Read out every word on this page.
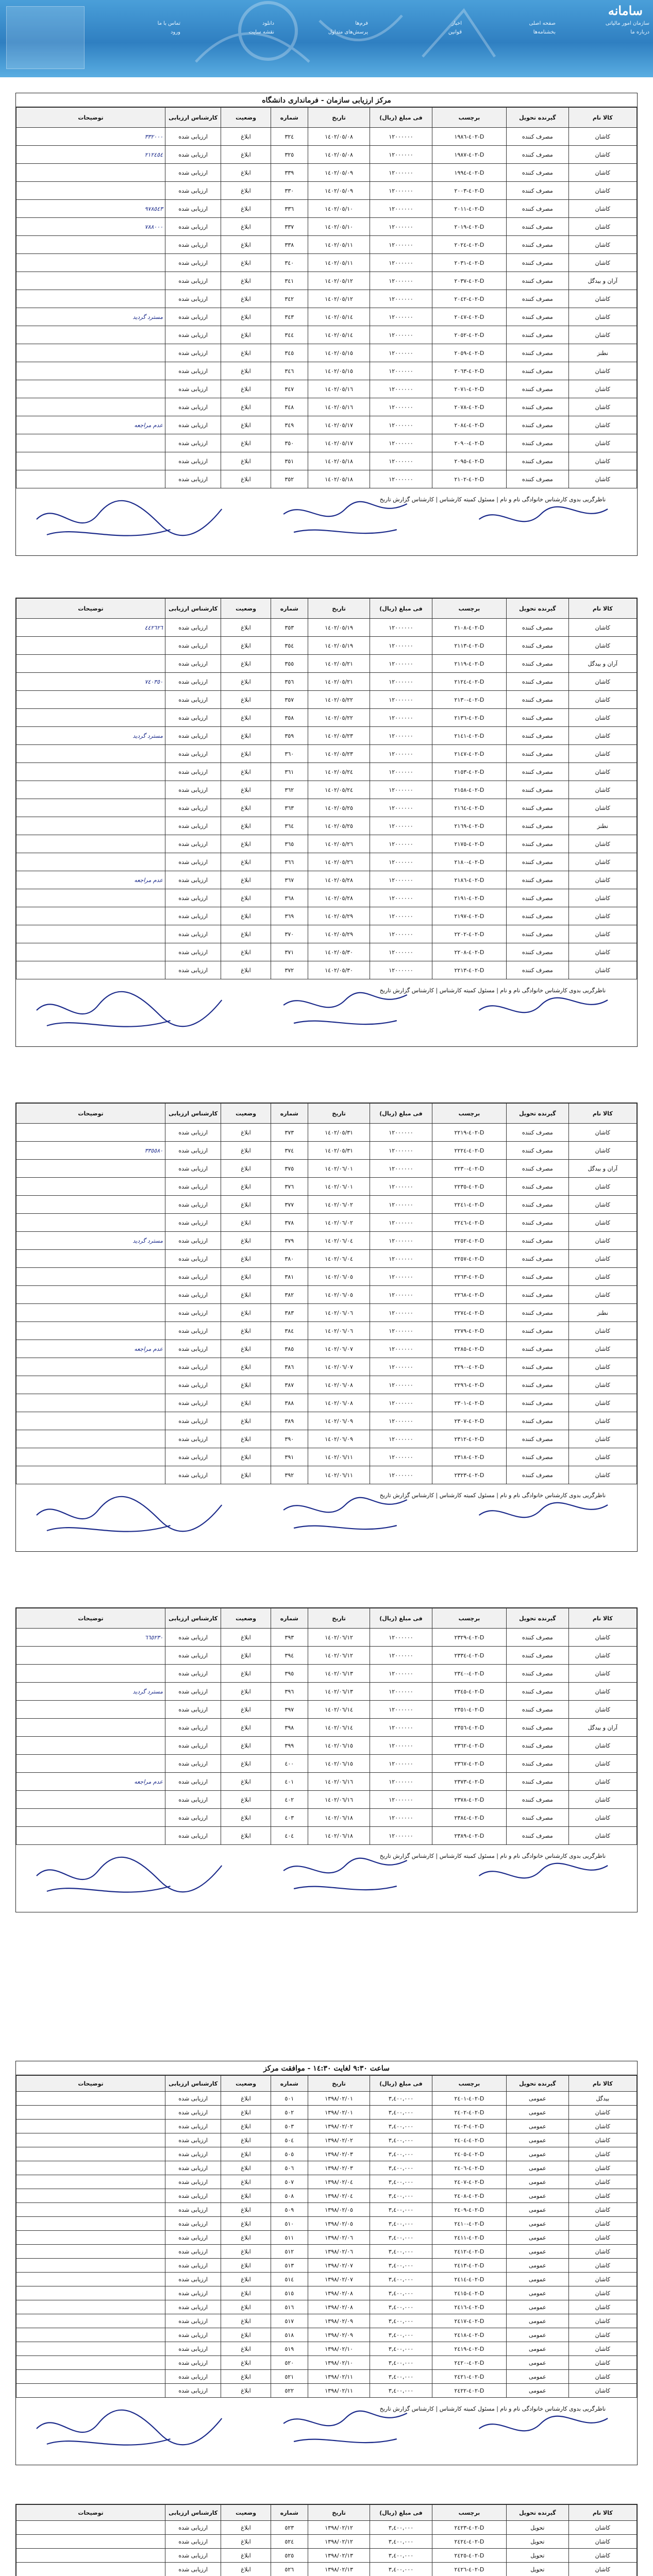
سامانه
سازمان امور مالیاتی
صفحه اصلی
اخبار
فرم‌ها
دانلود
تماس با ما
درباره ما
بخشنامه‌ها
قوانین
پرسش‌های متداول
نقشه سایت
ورود
مرکز ارزیابی سازمان - فرمانداری دانشگاه
کالا نام	گیرنده تحویل	برچسب	فی مبلغ (ریال)	تاریخ	شماره	وضعیت	کارشناس ارزیابی	توضیحات
کاشان	مصرف کننده	D-٤٠٢-١٩٨٦	١٢٠٠٠٠٠٠	١٤٠٢/٠٥/٠٨	٣٢٤	ابلاغ	ارزیابی شده	٣٣٢٠٠٠
کاشان	مصرف کننده	D-٤٠٢-١٩٨٧	١٢٠٠٠٠٠٠	١٤٠٢/٠٥/٠٨	٣٢٥	ابلاغ	ارزیابی شده	٢١٢٤٥٤
کاشان	مصرف کننده	D-٤٠٢-١٩٩٤	١٢٠٠٠٠٠٠	١٤٠٢/٠٥/٠٩	٣٣٩	ابلاغ	ارزیابی شده	
کاشان	مصرف کننده	D-٤٠٢-٢٠٠٣	١٢٠٠٠٠٠٠	١٤٠٢/٠٥/٠٩	٣٣٠	ابلاغ	ارزیابی شده	
کاشان	مصرف کننده	D-٤٠٢-٢٠١١	١٢٠٠٠٠٠٠	١٤٠٢/٠٥/١٠	٣٣٦	ابلاغ	ارزیابی شده	٩٧٨٥٤٣
کاشان	مصرف کننده	D-٤٠٢-٢٠١٩	١٢٠٠٠٠٠٠	١٤٠٢/٠٥/١٠	٣٣٧	ابلاغ	ارزیابی شده	٧٨٨٠٠٠
کاشان	مصرف کننده	D-٤٠٢-٢٠٢٤	١٢٠٠٠٠٠٠	١٤٠٢/٠٥/١١	٣٣٨	ابلاغ	ارزیابی شده	
کاشان	مصرف کننده	D-٤٠٢-٢٠٣١	١٢٠٠٠٠٠٠	١٤٠٢/٠٥/١١	٣٤٠	ابلاغ	ارزیابی شده	
آران و بیدگل	مصرف کننده	D-٤٠٢-٢٠٣٧	١٢٠٠٠٠٠٠	١٤٠٢/٠٥/١٢	٣٤١	ابلاغ	ارزیابی شده	
کاشان	مصرف کننده	D-٤٠٢-٢٠٤٢	١٢٠٠٠٠٠٠	١٤٠٢/٠٥/١٢	٣٤٢	ابلاغ	ارزیابی شده	
کاشان	مصرف کننده	D-٤٠٢-٢٠٤٧	١٢٠٠٠٠٠٠	١٤٠٢/٠٥/١٤	٣٤٣	ابلاغ	ارزیابی شده	مسترد گردید
کاشان	مصرف کننده	D-٤٠٢-٢٠٥٢	١٢٠٠٠٠٠٠	١٤٠٢/٠٥/١٤	٣٤٤	ابلاغ	ارزیابی شده	
نطنز	مصرف کننده	D-٤٠٢-٢٠٥٩	١٢٠٠٠٠٠٠	١٤٠٢/٠٥/١٥	٣٤٥	ابلاغ	ارزیابی شده	
کاشان	مصرف کننده	D-٤٠٢-٢٠٦٣	١٢٠٠٠٠٠٠	١٤٠٢/٠٥/١٥	٣٤٦	ابلاغ	ارزیابی شده	
کاشان	مصرف کننده	D-٤٠٢-٢٠٧١	١٢٠٠٠٠٠٠	١٤٠٢/٠٥/١٦	٣٤٧	ابلاغ	ارزیابی شده	
کاشان	مصرف کننده	D-٤٠٢-٢٠٧٨	١٢٠٠٠٠٠٠	١٤٠٢/٠٥/١٦	٣٤٨	ابلاغ	ارزیابی شده	
کاشان	مصرف کننده	D-٤٠٢-٢٠٨٤	١٢٠٠٠٠٠٠	١٤٠٢/٠٥/١٧	٣٤٩	ابلاغ	ارزیابی شده	عدم مراجعه
کاشان	مصرف کننده	D-٤٠٢-٢٠٩٠	١٢٠٠٠٠٠٠	١٤٠٢/٠٥/١٧	٣٥٠	ابلاغ	ارزیابی شده	
کاشان	مصرف کننده	D-٤٠٢-٢٠٩٥	١٢٠٠٠٠٠٠	١٤٠٢/٠٥/١٨	٣٥١	ابلاغ	ارزیابی شده	
کاشان	مصرف کننده	D-٤٠٢-٢١٠٢	١٢٠٠٠٠٠٠	١٤٠٢/٠٥/١٨	٣٥٢	ابلاغ	ارزیابی شده	
ناظرگریی بدوی کارشناس خانوادگی نام و نام | مسئول کمیته کارشناس | کارشناس گزارش تاریخ
کالا نام	گیرنده تحویل	برچسب	فی مبلغ (ریال)	تاریخ	شماره	وضعیت	کارشناس ارزیابی	توضیحات
کاشان	مصرف کننده	D-٤٠٢-٢١٠٨	١٢٠٠٠٠٠٠	١٤٠٢/٠٥/١٩	٣٥٣	ابلاغ	ارزیابی شده	٤٤٢٦٢٦
کاشان	مصرف کننده	D-٤٠٢-٢١١٣	١٢٠٠٠٠٠٠	١٤٠٢/٠٥/١٩	٣٥٤	ابلاغ	ارزیابی شده	
آران و بیدگل	مصرف کننده	D-٤٠٢-٢١١٩	١٢٠٠٠٠٠٠	١٤٠٢/٠٥/٢١	٣٥٥	ابلاغ	ارزیابی شده	
کاشان	مصرف کننده	D-٤٠٢-٢١٢٤	١٢٠٠٠٠٠٠	١٤٠٢/٠٥/٢١	٣٥٦	ابلاغ	ارزیابی شده	٧٤٠٣٥٠
کاشان	مصرف کننده	D-٤٠٢-٢١٣٠	١٢٠٠٠٠٠٠	١٤٠٢/٠٥/٢٢	٣٥٧	ابلاغ	ارزیابی شده	
کاشان	مصرف کننده	D-٤٠٢-٢١٣٦	١٢٠٠٠٠٠٠	١٤٠٢/٠٥/٢٢	٣٥٨	ابلاغ	ارزیابی شده	
کاشان	مصرف کننده	D-٤٠٢-٢١٤١	١٢٠٠٠٠٠٠	١٤٠٢/٠٥/٢٣	٣٥٩	ابلاغ	ارزیابی شده	مسترد گردید
کاشان	مصرف کننده	D-٤٠٢-٢١٤٧	١٢٠٠٠٠٠٠	١٤٠٢/٠٥/٢٣	٣٦٠	ابلاغ	ارزیابی شده	
کاشان	مصرف کننده	D-٤٠٢-٢١٥٣	١٢٠٠٠٠٠٠	١٤٠٢/٠٥/٢٤	٣٦١	ابلاغ	ارزیابی شده	
کاشان	مصرف کننده	D-٤٠٢-٢١٥٨	١٢٠٠٠٠٠٠	١٤٠٢/٠٥/٢٤	٣٦٢	ابلاغ	ارزیابی شده	
کاشان	مصرف کننده	D-٤٠٢-٢١٦٤	١٢٠٠٠٠٠٠	١٤٠٢/٠٥/٢٥	٣٦٣	ابلاغ	ارزیابی شده	
نطنز	مصرف کننده	D-٤٠٢-٢١٦٩	١٢٠٠٠٠٠٠	١٤٠٢/٠٥/٢٥	٣٦٤	ابلاغ	ارزیابی شده	
کاشان	مصرف کننده	D-٤٠٢-٢١٧٥	١٢٠٠٠٠٠٠	١٤٠٢/٠٥/٢٦	٣٦٥	ابلاغ	ارزیابی شده	
کاشان	مصرف کننده	D-٤٠٢-٢١٨٠	١٢٠٠٠٠٠٠	١٤٠٢/٠٥/٢٦	٣٦٦	ابلاغ	ارزیابی شده	
کاشان	مصرف کننده	D-٤٠٢-٢١٨٦	١٢٠٠٠٠٠٠	١٤٠٢/٠٥/٢٨	٣٦٧	ابلاغ	ارزیابی شده	عدم مراجعه
کاشان	مصرف کننده	D-٤٠٢-٢١٩١	١٢٠٠٠٠٠٠	١٤٠٢/٠٥/٢٨	٣٦٨	ابلاغ	ارزیابی شده	
کاشان	مصرف کننده	D-٤٠٢-٢١٩٧	١٢٠٠٠٠٠٠	١٤٠٢/٠٥/٢٩	٣٦٩	ابلاغ	ارزیابی شده	
کاشان	مصرف کننده	D-٤٠٢-٢٢٠٢	١٢٠٠٠٠٠٠	١٤٠٢/٠٥/٢٩	٣٧٠	ابلاغ	ارزیابی شده	
کاشان	مصرف کننده	D-٤٠٢-٢٢٠٨	١٢٠٠٠٠٠٠	١٤٠٢/٠٥/٣٠	٣٧١	ابلاغ	ارزیابی شده	
کاشان	مصرف کننده	D-٤٠٢-٢٢١٣	١٢٠٠٠٠٠٠	١٤٠٢/٠٥/٣٠	٣٧٢	ابلاغ	ارزیابی شده	
ناظرگریی بدوی کارشناس خانوادگی نام و نام | مسئول کمیته کارشناس | کارشناس گزارش تاریخ
کالا نام	گیرنده تحویل	برچسب	فی مبلغ (ریال)	تاریخ	شماره	وضعیت	کارشناس ارزیابی	توضیحات
کاشان	مصرف کننده	D-٤٠٢-٢٢١٩	١٢٠٠٠٠٠٠	١٤٠٢/٠٥/٣١	٣٧٣	ابلاغ	ارزیابی شده	
کاشان	مصرف کننده	D-٤٠٢-٢٢٢٤	١٢٠٠٠٠٠٠	١٤٠٢/٠٥/٣١	٣٧٤	ابلاغ	ارزیابی شده	٣٣٥٥٨٠
آران و بیدگل	مصرف کننده	D-٤٠٢-٢٢٣٠	١٢٠٠٠٠٠٠	١٤٠٢/٠٦/٠١	٣٧٥	ابلاغ	ارزیابی شده	
کاشان	مصرف کننده	D-٤٠٢-٢٢٣٥	١٢٠٠٠٠٠٠	١٤٠٢/٠٦/٠١	٣٧٦	ابلاغ	ارزیابی شده	
کاشان	مصرف کننده	D-٤٠٢-٢٢٤١	١٢٠٠٠٠٠٠	١٤٠٢/٠٦/٠٢	٣٧٧	ابلاغ	ارزیابی شده	
کاشان	مصرف کننده	D-٤٠٢-٢٢٤٦	١٢٠٠٠٠٠٠	١٤٠٢/٠٦/٠٢	٣٧٨	ابلاغ	ارزیابی شده	
کاشان	مصرف کننده	D-٤٠٢-٢٢٥٢	١٢٠٠٠٠٠٠	١٤٠٢/٠٦/٠٤	٣٧٩	ابلاغ	ارزیابی شده	مسترد گردید
کاشان	مصرف کننده	D-٤٠٢-٢٢٥٧	١٢٠٠٠٠٠٠	١٤٠٢/٠٦/٠٤	٣٨٠	ابلاغ	ارزیابی شده	
کاشان	مصرف کننده	D-٤٠٢-٢٢٦٣	١٢٠٠٠٠٠٠	١٤٠٢/٠٦/٠٥	٣٨١	ابلاغ	ارزیابی شده	
کاشان	مصرف کننده	D-٤٠٢-٢٢٦٨	١٢٠٠٠٠٠٠	١٤٠٢/٠٦/٠٥	٣٨٢	ابلاغ	ارزیابی شده	
نطنز	مصرف کننده	D-٤٠٢-٢٢٧٤	١٢٠٠٠٠٠٠	١٤٠٢/٠٦/٠٦	٣٨٣	ابلاغ	ارزیابی شده	
کاشان	مصرف کننده	D-٤٠٢-٢٢٧٩	١٢٠٠٠٠٠٠	١٤٠٢/٠٦/٠٦	٣٨٤	ابلاغ	ارزیابی شده	
کاشان	مصرف کننده	D-٤٠٢-٢٢٨٥	١٢٠٠٠٠٠٠	١٤٠٢/٠٦/٠٧	٣٨٥	ابلاغ	ارزیابی شده	عدم مراجعه
کاشان	مصرف کننده	D-٤٠٢-٢٢٩٠	١٢٠٠٠٠٠٠	١٤٠٢/٠٦/٠٧	٣٨٦	ابلاغ	ارزیابی شده	
کاشان	مصرف کننده	D-٤٠٢-٢٢٩٦	١٢٠٠٠٠٠٠	١٤٠٢/٠٦/٠٨	٣٨٧	ابلاغ	ارزیابی شده	
کاشان	مصرف کننده	D-٤٠٢-٢٣٠١	١٢٠٠٠٠٠٠	١٤٠٢/٠٦/٠٨	٣٨٨	ابلاغ	ارزیابی شده	
کاشان	مصرف کننده	D-٤٠٢-٢٣٠٧	١٢٠٠٠٠٠٠	١٤٠٢/٠٦/٠٩	٣٨٩	ابلاغ	ارزیابی شده	
کاشان	مصرف کننده	D-٤٠٢-٢٣١٢	١٢٠٠٠٠٠٠	١٤٠٢/٠٦/٠٩	٣٩٠	ابلاغ	ارزیابی شده	
کاشان	مصرف کننده	D-٤٠٢-٢٣١٨	١٢٠٠٠٠٠٠	١٤٠٢/٠٦/١١	٣٩١	ابلاغ	ارزیابی شده	
کاشان	مصرف کننده	D-٤٠٢-٢٣٢٣	١٢٠٠٠٠٠٠	١٤٠٢/٠٦/١١	٣٩٢	ابلاغ	ارزیابی شده	
ناظرگریی بدوی کارشناس خانوادگی نام و نام | مسئول کمیته کارشناس | کارشناس گزارش تاریخ
کالا نام	گیرنده تحویل	برچسب	فی مبلغ (ریال)	تاریخ	شماره	وضعیت	کارشناس ارزیابی	توضیحات
کاشان	مصرف کننده	D-٤٠٢-٢٣٢٩	١٢٠٠٠٠٠٠	١٤٠٢/٠٦/١٢	٣٩٣	ابلاغ	ارزیابی شده	٦٦٥٢٣٠
کاشان	مصرف کننده	D-٤٠٢-٢٣٣٤	١٢٠٠٠٠٠٠	١٤٠٢/٠٦/١٢	٣٩٤	ابلاغ	ارزیابی شده	
کاشان	مصرف کننده	D-٤٠٢-٢٣٤٠	١٢٠٠٠٠٠٠	١٤٠٢/٠٦/١٣	٣٩٥	ابلاغ	ارزیابی شده	
کاشان	مصرف کننده	D-٤٠٢-٢٣٤٥	١٢٠٠٠٠٠٠	١٤٠٢/٠٦/١٣	٣٩٦	ابلاغ	ارزیابی شده	مسترد گردید
کاشان	مصرف کننده	D-٤٠٢-٢٣٥١	١٢٠٠٠٠٠٠	١٤٠٢/٠٦/١٤	٣٩٧	ابلاغ	ارزیابی شده	
آران و بیدگل	مصرف کننده	D-٤٠٢-٢٣٥٦	١٢٠٠٠٠٠٠	١٤٠٢/٠٦/١٤	٣٩٨	ابلاغ	ارزیابی شده	
کاشان	مصرف کننده	D-٤٠٢-٢٣٦٢	١٢٠٠٠٠٠٠	١٤٠٢/٠٦/١٥	٣٩٩	ابلاغ	ارزیابی شده	
کاشان	مصرف کننده	D-٤٠٢-٢٣٦٧	١٢٠٠٠٠٠٠	١٤٠٢/٠٦/١٥	٤٠٠	ابلاغ	ارزیابی شده	
کاشان	مصرف کننده	D-٤٠٢-٢٣٧٣	١٢٠٠٠٠٠٠	١٤٠٢/٠٦/١٦	٤٠١	ابلاغ	ارزیابی شده	عدم مراجعه
کاشان	مصرف کننده	D-٤٠٢-٢٣٧٨	١٢٠٠٠٠٠٠	١٤٠٢/٠٦/١٦	٤٠٢	ابلاغ	ارزیابی شده	
کاشان	مصرف کننده	D-٤٠٢-٢٣٨٤	١٢٠٠٠٠٠٠	١٤٠٢/٠٦/١٨	٤٠٣	ابلاغ	ارزیابی شده	
کاشان	مصرف کننده	D-٤٠٢-٢٣٨٩	١٢٠٠٠٠٠٠	١٤٠٢/٠٦/١٨	٤٠٤	ابلاغ	ارزیابی شده	
ناظرگریی بدوی کارشناس خانوادگی نام و نام | مسئول کمیته کارشناس | کارشناس گزارش تاریخ
ساعت ٩:٣٠ لغایت ١٤:٣٠ - موافقت مرکز
کالا نام	گیرنده تحویل	برچسب	فی مبلغ (ریال)	تاریخ	شماره	وضعیت	کارشناس ارزیابی	توضیحات
بیدگل	عمومی	D-٤٠٢-٢٤٠١	٣,٤٠٠,٠٠٠	١٣٩٨/٠٢/٠١	٥٠١	ابلاغ	ارزیابی شده	
کاشان	عمومی	D-٤٠٢-٢٤٠٢	٣,٤٠٠,٠٠٠	١٣٩٨/٠٢/٠١	٥٠٢	ابلاغ	ارزیابی شده	
کاشان	عمومی	D-٤٠٢-٢٤٠٣	٣,٤٠٠,٠٠٠	١٣٩٨/٠٢/٠٢	٥٠٣	ابلاغ	ارزیابی شده	
کاشان	عمومی	D-٤٠٢-٢٤٠٤	٣,٤٠٠,٠٠٠	١٣٩٨/٠٢/٠٢	٥٠٤	ابلاغ	ارزیابی شده	
کاشان	عمومی	D-٤٠٢-٢٤٠٥	٣,٤٠٠,٠٠٠	١٣٩٨/٠٢/٠٣	٥٠٥	ابلاغ	ارزیابی شده	
کاشان	عمومی	D-٤٠٢-٢٤٠٦	٣,٤٠٠,٠٠٠	١٣٩٨/٠٢/٠٣	٥٠٦	ابلاغ	ارزیابی شده	
کاشان	عمومی	D-٤٠٢-٢٤٠٧	٣,٤٠٠,٠٠٠	١٣٩٨/٠٢/٠٤	٥٠٧	ابلاغ	ارزیابی شده	
کاشان	عمومی	D-٤٠٢-٢٤٠٨	٣,٤٠٠,٠٠٠	١٣٩٨/٠٢/٠٤	٥٠٨	ابلاغ	ارزیابی شده	
کاشان	عمومی	D-٤٠٢-٢٤٠٩	٣,٤٠٠,٠٠٠	١٣٩٨/٠٢/٠٥	٥٠٩	ابلاغ	ارزیابی شده	
کاشان	عمومی	D-٤٠٢-٢٤١٠	٣,٤٠٠,٠٠٠	١٣٩٨/٠٢/٠٥	٥١٠	ابلاغ	ارزیابی شده	
کاشان	عمومی	D-٤٠٢-٢٤١١	٣,٤٠٠,٠٠٠	١٣٩٨/٠٢/٠٦	٥١١	ابلاغ	ارزیابی شده	
کاشان	عمومی	D-٤٠٢-٢٤١٢	٣,٤٠٠,٠٠٠	١٣٩٨/٠٢/٠٦	٥١٢	ابلاغ	ارزیابی شده	
کاشان	عمومی	D-٤٠٢-٢٤١٣	٣,٤٠٠,٠٠٠	١٣٩٨/٠٢/٠٧	٥١٣	ابلاغ	ارزیابی شده	
کاشان	عمومی	D-٤٠٢-٢٤١٤	٣,٤٠٠,٠٠٠	١٣٩٨/٠٢/٠٧	٥١٤	ابلاغ	ارزیابی شده	
کاشان	عمومی	D-٤٠٢-٢٤١٥	٣,٤٠٠,٠٠٠	١٣٩٨/٠٢/٠٨	٥١٥	ابلاغ	ارزیابی شده	
کاشان	عمومی	D-٤٠٢-٢٤١٦	٣,٤٠٠,٠٠٠	١٣٩٨/٠٢/٠٨	٥١٦	ابلاغ	ارزیابی شده	
کاشان	عمومی	D-٤٠٢-٢٤١٧	٣,٤٠٠,٠٠٠	١٣٩٨/٠٢/٠٩	٥١٧	ابلاغ	ارزیابی شده	
کاشان	عمومی	D-٤٠٢-٢٤١٨	٣,٤٠٠,٠٠٠	١٣٩٨/٠٢/٠٩	٥١٨	ابلاغ	ارزیابی شده	
کاشان	عمومی	D-٤٠٢-٢٤١٩	٣,٤٠٠,٠٠٠	١٣٩٨/٠٢/١٠	٥١٩	ابلاغ	ارزیابی شده	
کاشان	عمومی	D-٤٠٢-٢٤٢٠	٣,٤٠٠,٠٠٠	١٣٩٨/٠٢/١٠	٥٢٠	ابلاغ	ارزیابی شده	
کاشان	عمومی	D-٤٠٢-٢٤٢١	٣,٤٠٠,٠٠٠	١٣٩٨/٠٢/١١	٥٢١	ابلاغ	ارزیابی شده	
کاشان	عمومی	D-٤٠٢-٢٤٢٢	٣,٤٠٠,٠٠٠	١٣٩٨/٠٢/١١	٥٢٢	ابلاغ	ارزیابی شده	
ناظرگریی بدوی کارشناس خانوادگی نام و نام | مسئول کمیته کارشناس | کارشناس گزارش تاریخ
کالا نام	گیرنده تحویل	برچسب	فی مبلغ (ریال)	تاریخ	شماره	وضعیت	کارشناس ارزیابی	توضیحات
کاشان	تحویل	D-٤٠٢-٢٤٢٣	٣,٤٠٠,٠٠٠	١٣٩٨/٠٢/١٢	٥٢٣	ابلاغ	ارزیابی شده	
کاشان	تحویل	D-٤٠٢-٢٤٢٤	٣,٤٠٠,٠٠٠	١٣٩٨/٠٢/١٢	٥٢٤	ابلاغ	ارزیابی شده	
کاشان	تحویل	D-٤٠٢-٢٤٢٥	٣,٤٠٠,٠٠٠	١٣٩٨/٠٢/١٣	٥٢٥	ابلاغ	ارزیابی شده	
کاشان	تحویل	D-٤٠٢-٢٤٢٦	٣,٤٠٠,٠٠٠	١٣٩٨/٠٢/١٣	٥٢٦	ابلاغ	ارزیابی شده	
